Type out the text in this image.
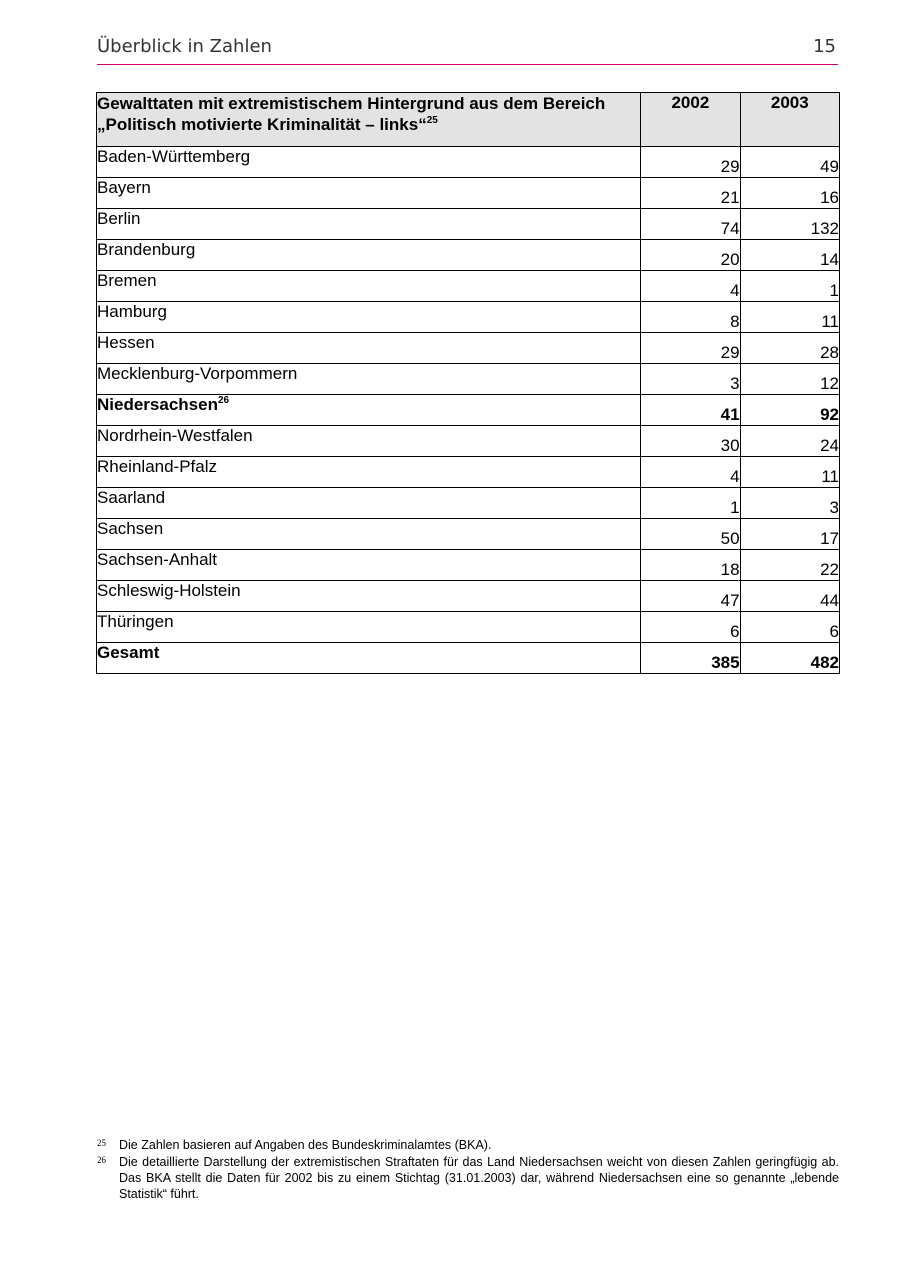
Überblick in Zahlen	15
Gewalttaten mit extremistischem Hintergrund aus dem Bereich „Politisch motivierte Kriminalität – links“$^{25}$	2002	2003
Baden-Württemberg	29	49
Bayern	21	16
Berlin	74	132
Brandenburg	20	14
Bremen	4	1
Hamburg	8	11
Hessen	29	28
Mecklenburg-Vorpommern	3	12
Niedersachsen$^{26}$	41	92
Nordrhein-Westfalen	30	24
Rheinland-Pfalz	4	11
Saarland	1	3
Sachsen	50	17
Sachsen-Anhalt	18	22
Schleswig-Holstein	47	44
Thüringen	6	6
Gesamt	385	482
25 Die Zahlen basieren auf Angaben des Bundeskriminalamtes (BKA).
26 Die detaillierte Darstellung der extremistischen Straftaten für das Land Niedersachsen weicht von diesen Zahlen geringfügig ab. Das BKA stellt die Daten für 2002 bis zu einem Stichtag (31.01.2003) dar, während Niedersachsen eine so genannte „lebende Statistik“ führt.
